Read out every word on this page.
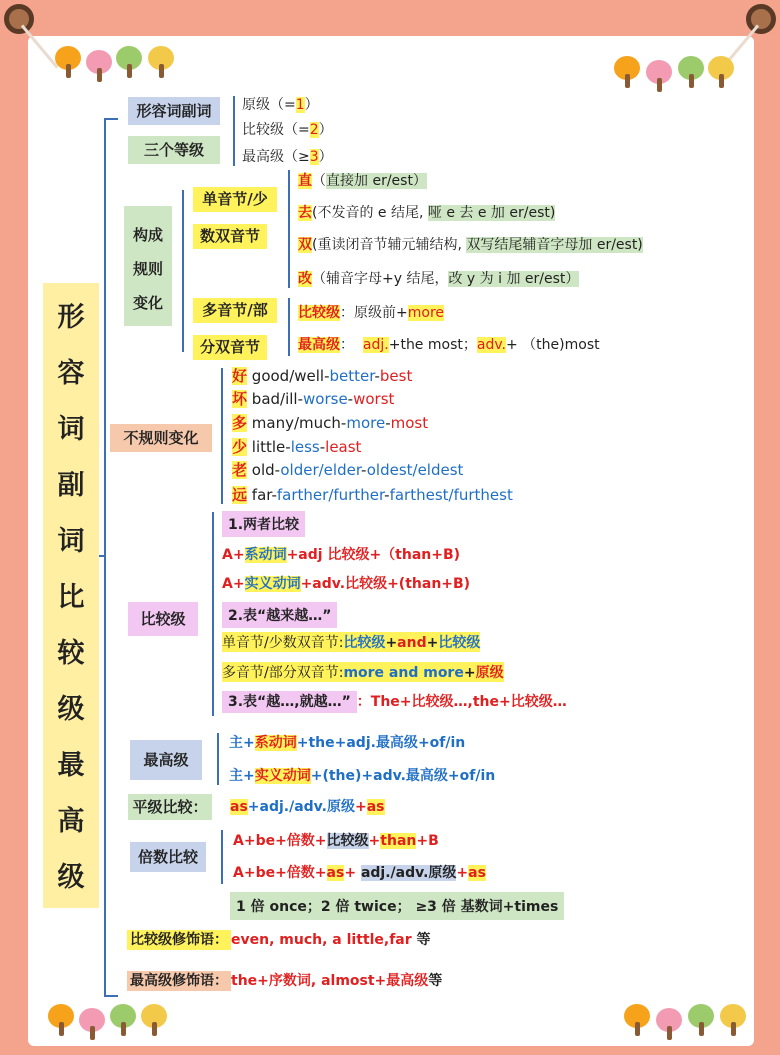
形
容
词
副
词
比
较
级
最
高
级
形容词副词
三个等级
原级（=1）
比较级（=2）
最高级（≥3）
构成
规则
变化
单音节/少
数双音节
多音节/部
分双音节
直（直接加 er/est）
去(不发音的 e 结尾, 哑 e 去 e 加 er/est)
双(重读闭音节辅元辅结构, 双写结尾辅音字母加 er/est)
改（辅音字母+y 结尾，改 y 为 i 加 er/est）
比较级：原级前+more
最高级： adj.+the most；adv.+ （the)most
不规则变化
好 good/well-better-best
坏 bad/ill-worse-worst
多 many/much-more-most
少 little-less-least
老 old-older/elder-oldest/eldest
远 far-farther/further-farthest/furthest
比较级
1.两者比较
A+系动词+adj 比较级+（than+B)
A+实义动词+adv.比较级+(than+B)
2.表“越来越…”
单音节/少数双音节:比较级+and+比较级
多音节/部分双音节:more and more+原级
3.表“越…,就越…” ：The+比较级…,the+比较级…
最高级
主+系动词+the+adj.最高级+of/in
主+实义动词+(the)+adv.最高级+of/in
平级比较：	as+adj./adv.原级+as
倍数比较
A+be+倍数+比较级+than+B
A+be+倍数+as+ adj./adv.原级+as
1 倍 once；2 倍 twice； ≥3 倍 基数词+times
比较级修饰语： even, much, a little,far 等
最高级修饰语： the+序数词, almost+最高级等
